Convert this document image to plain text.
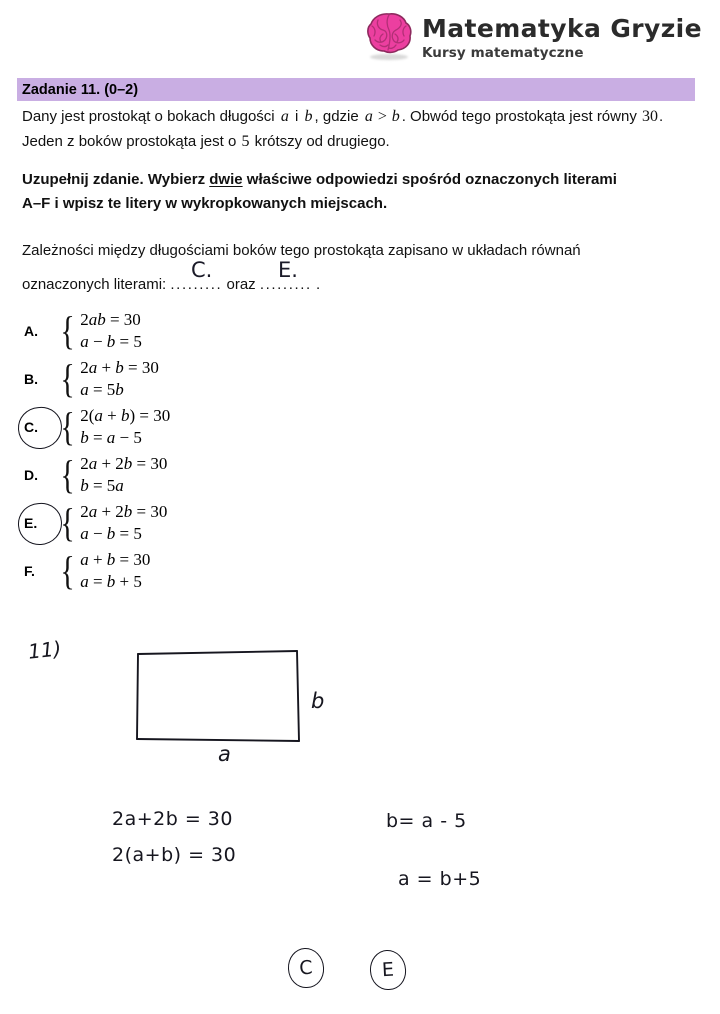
Matematyka Gryzie
Kursy matematyczne
Zadanie 11. (0–2)
Dany jest prostokąt o bokach długości a i b , gdzie a > b . Obwód tego prostokąta jest równy 30. Jeden z boków prostokąta jest o 5 krótszy od drugiego.
Uzupełnij zdanie. Wybierz dwie właściwe odpowiedzi spośród oznaczonych literami
A–F i wpisz te litery w wykropkowanych miejscach.
Zależności między długościami boków tego prostokąta zapisano w układach równań
oznaczonych literami: ......... oraz ......... .
C.	E.
A. { 2ab = 30
a − b = 5
B. { 2a + b = 30
a = 5b
C. { 2(a + b) = 30
b = a − 5
D. { 2a + 2b = 30
b = 5a
E. { 2a + 2b = 30
a − b = 5
F. { a + b = 30
a = b + 5
11)
a
b
2a+2b = 30
2(a+b) = 30
b= a - 5
a = b+5
C	E
